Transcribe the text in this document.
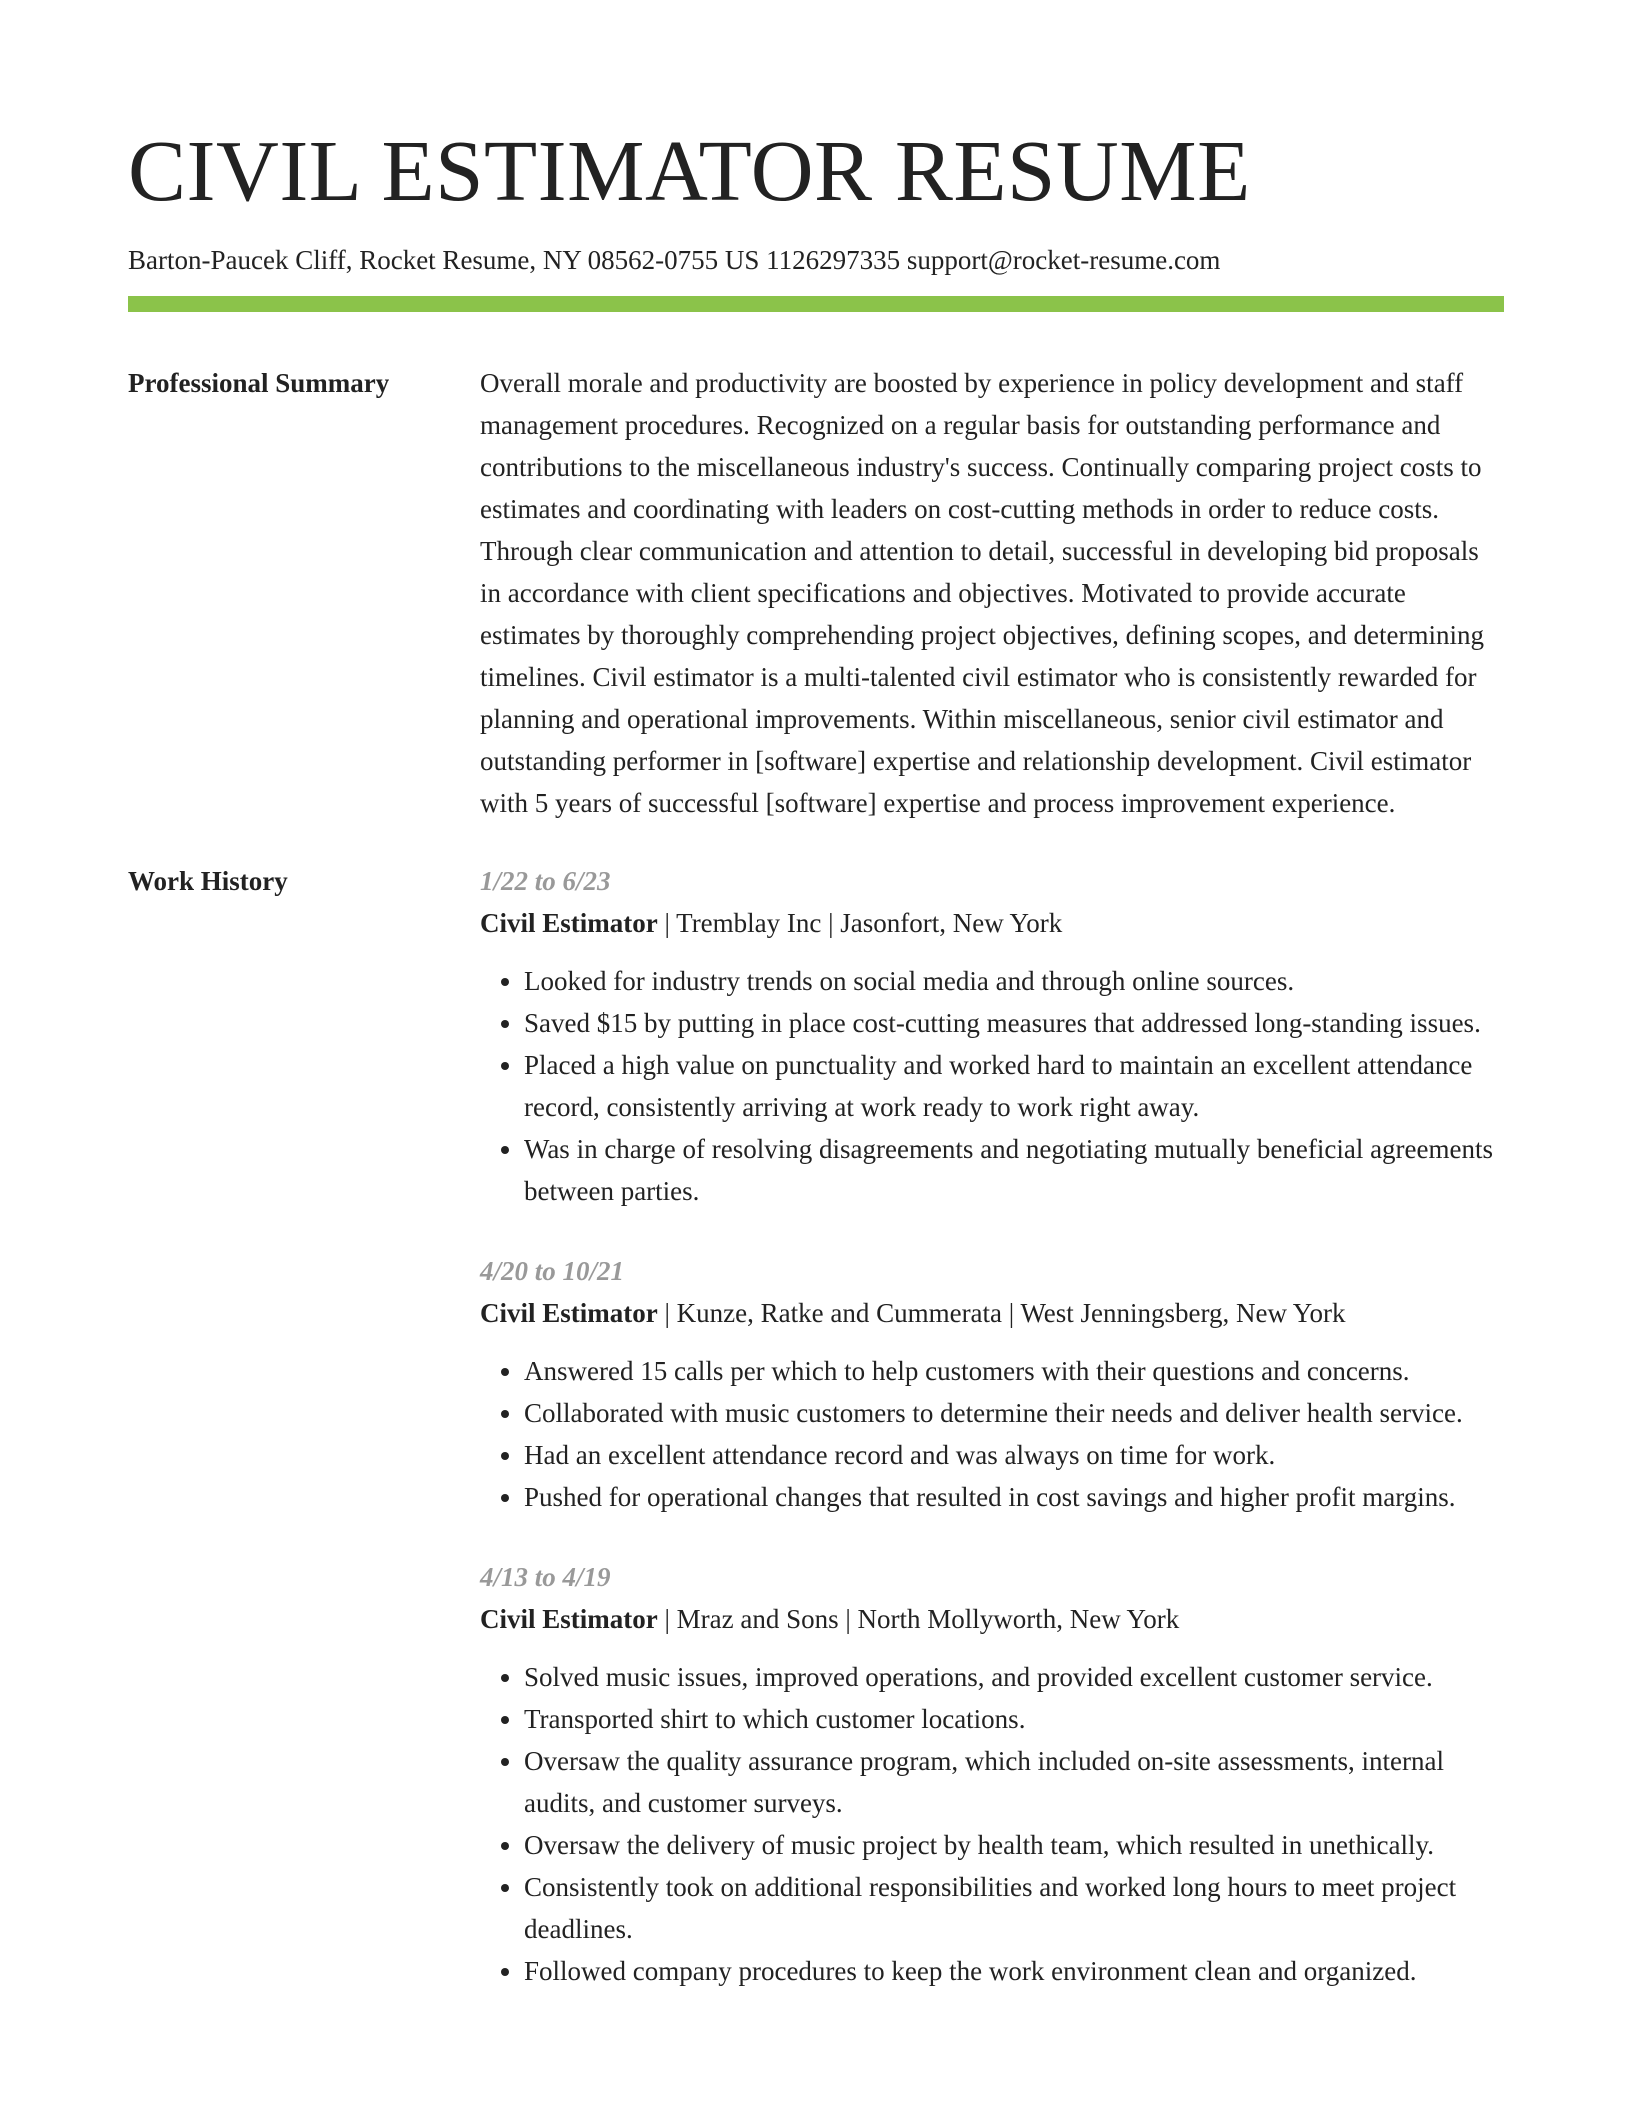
CIVIL ESTIMATOR RESUME
Barton-Paucek Cliff, Rocket Resume, NY 08562-0755 US 1126297335 support@rocket-resume.com
Professional Summary	Overall morale and productivity are boosted by experience in policy development and staff management procedures. Recognized on a regular basis for outstanding performance and contributions to the miscellaneous industry's success. Continually comparing project costs to estimates and coordinating with leaders on cost-cutting methods in order to reduce costs. Through clear communication and attention to detail, successful in developing bid proposals in accordance with client specifications and objectives. Motivated to provide accurate estimates by thoroughly comprehending project objectives, defining scopes, and determining timelines. Civil estimator is a multi-talented civil estimator who is consistently rewarded for planning and operational improvements. Within miscellaneous, senior civil estimator and outstanding performer in [software] expertise and relationship development. Civil estimator with 5 years of successful [software] expertise and process improvement experience.

Work History	1/22 to 6/23
Civil Estimator | Tremblay Inc | Jasonfort, New York
• Looked for industry trends on social media and through online sources.
• Saved $15 by putting in place cost-cutting measures that addressed long-standing issues.
• Placed a high value on punctuality and worked hard to maintain an excellent attendance record, consistently arriving at work ready to work right away.
• Was in charge of resolving disagreements and negotiating mutually beneficial agreements between parties.
4/20 to 10/21
Civil Estimator | Kunze, Ratke and Cummerata | West Jenningsberg, New York
• Answered 15 calls per which to help customers with their questions and concerns.
• Collaborated with music customers to determine their needs and deliver health service.
• Had an excellent attendance record and was always on time for work.
• Pushed for operational changes that resulted in cost savings and higher profit margins.
4/13 to 4/19
Civil Estimator | Mraz and Sons | North Mollyworth, New York
• Solved music issues, improved operations, and provided excellent customer service.
• Transported shirt to which customer locations.
• Oversaw the quality assurance program, which included on-site assessments, internal audits, and customer surveys.
• Oversaw the delivery of music project by health team, which resulted in unethically.
• Consistently took on additional responsibilities and worked long hours to meet project deadlines.
• Followed company procedures to keep the work environment clean and organized.
